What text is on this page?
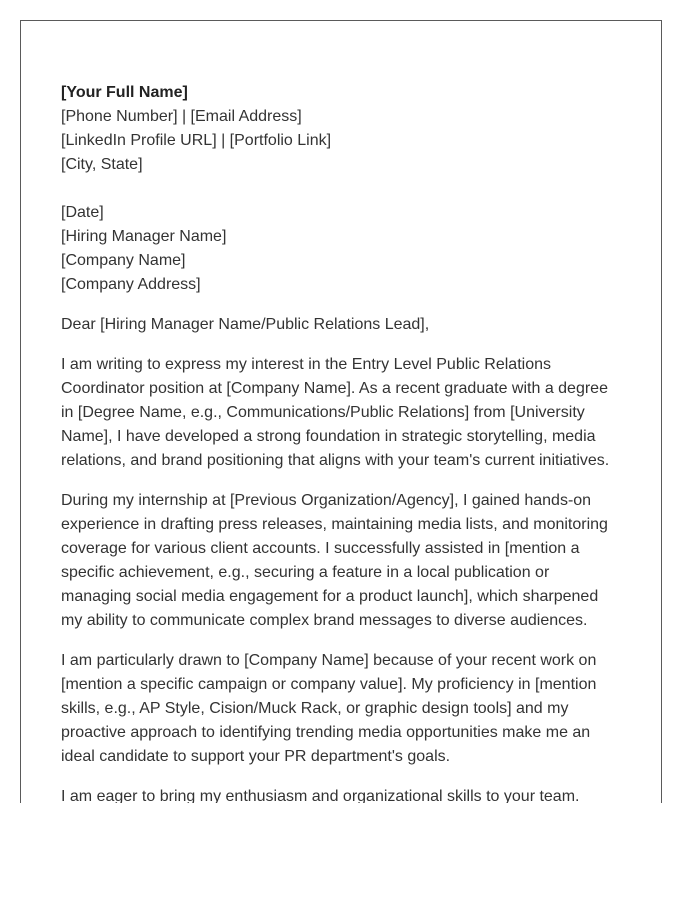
[Your Full Name]
[Phone Number] | [Email Address]
[LinkedIn Profile URL] | [Portfolio Link]
[City, State]
[Date]
[Hiring Manager Name]
[Company Name]
[Company Address]

Dear [Hiring Manager Name/Public Relations Lead],

I am writing to express my interest in the Entry Level Public Relations Coordinator position at [Company Name]. As a recent graduate with a degree in [Degree Name, e.g., Communications/Public Relations] from [University Name], I have developed a strong foundation in strategic storytelling, media relations, and brand positioning that aligns with your team's current initiatives.

During my internship at [Previous Organization/Agency], I gained hands-on experience in drafting press releases, maintaining media lists, and monitoring coverage for various client accounts. I successfully assisted in [mention a specific achievement, e.g., securing a feature in a local publication or managing social media engagement for a product launch], which sharpened my ability to communicate complex brand messages to diverse audiences.

I am particularly drawn to [Company Name] because of your recent work on [mention a specific campaign or company value]. My proficiency in [mention skills, e.g., AP Style, Cision/Muck Rack, or graphic design tools] and my proactive approach to identifying trending media opportunities make me an ideal candidate to support your PR department's goals.

I am eager to bring my enthusiasm and organizational skills to your team.
